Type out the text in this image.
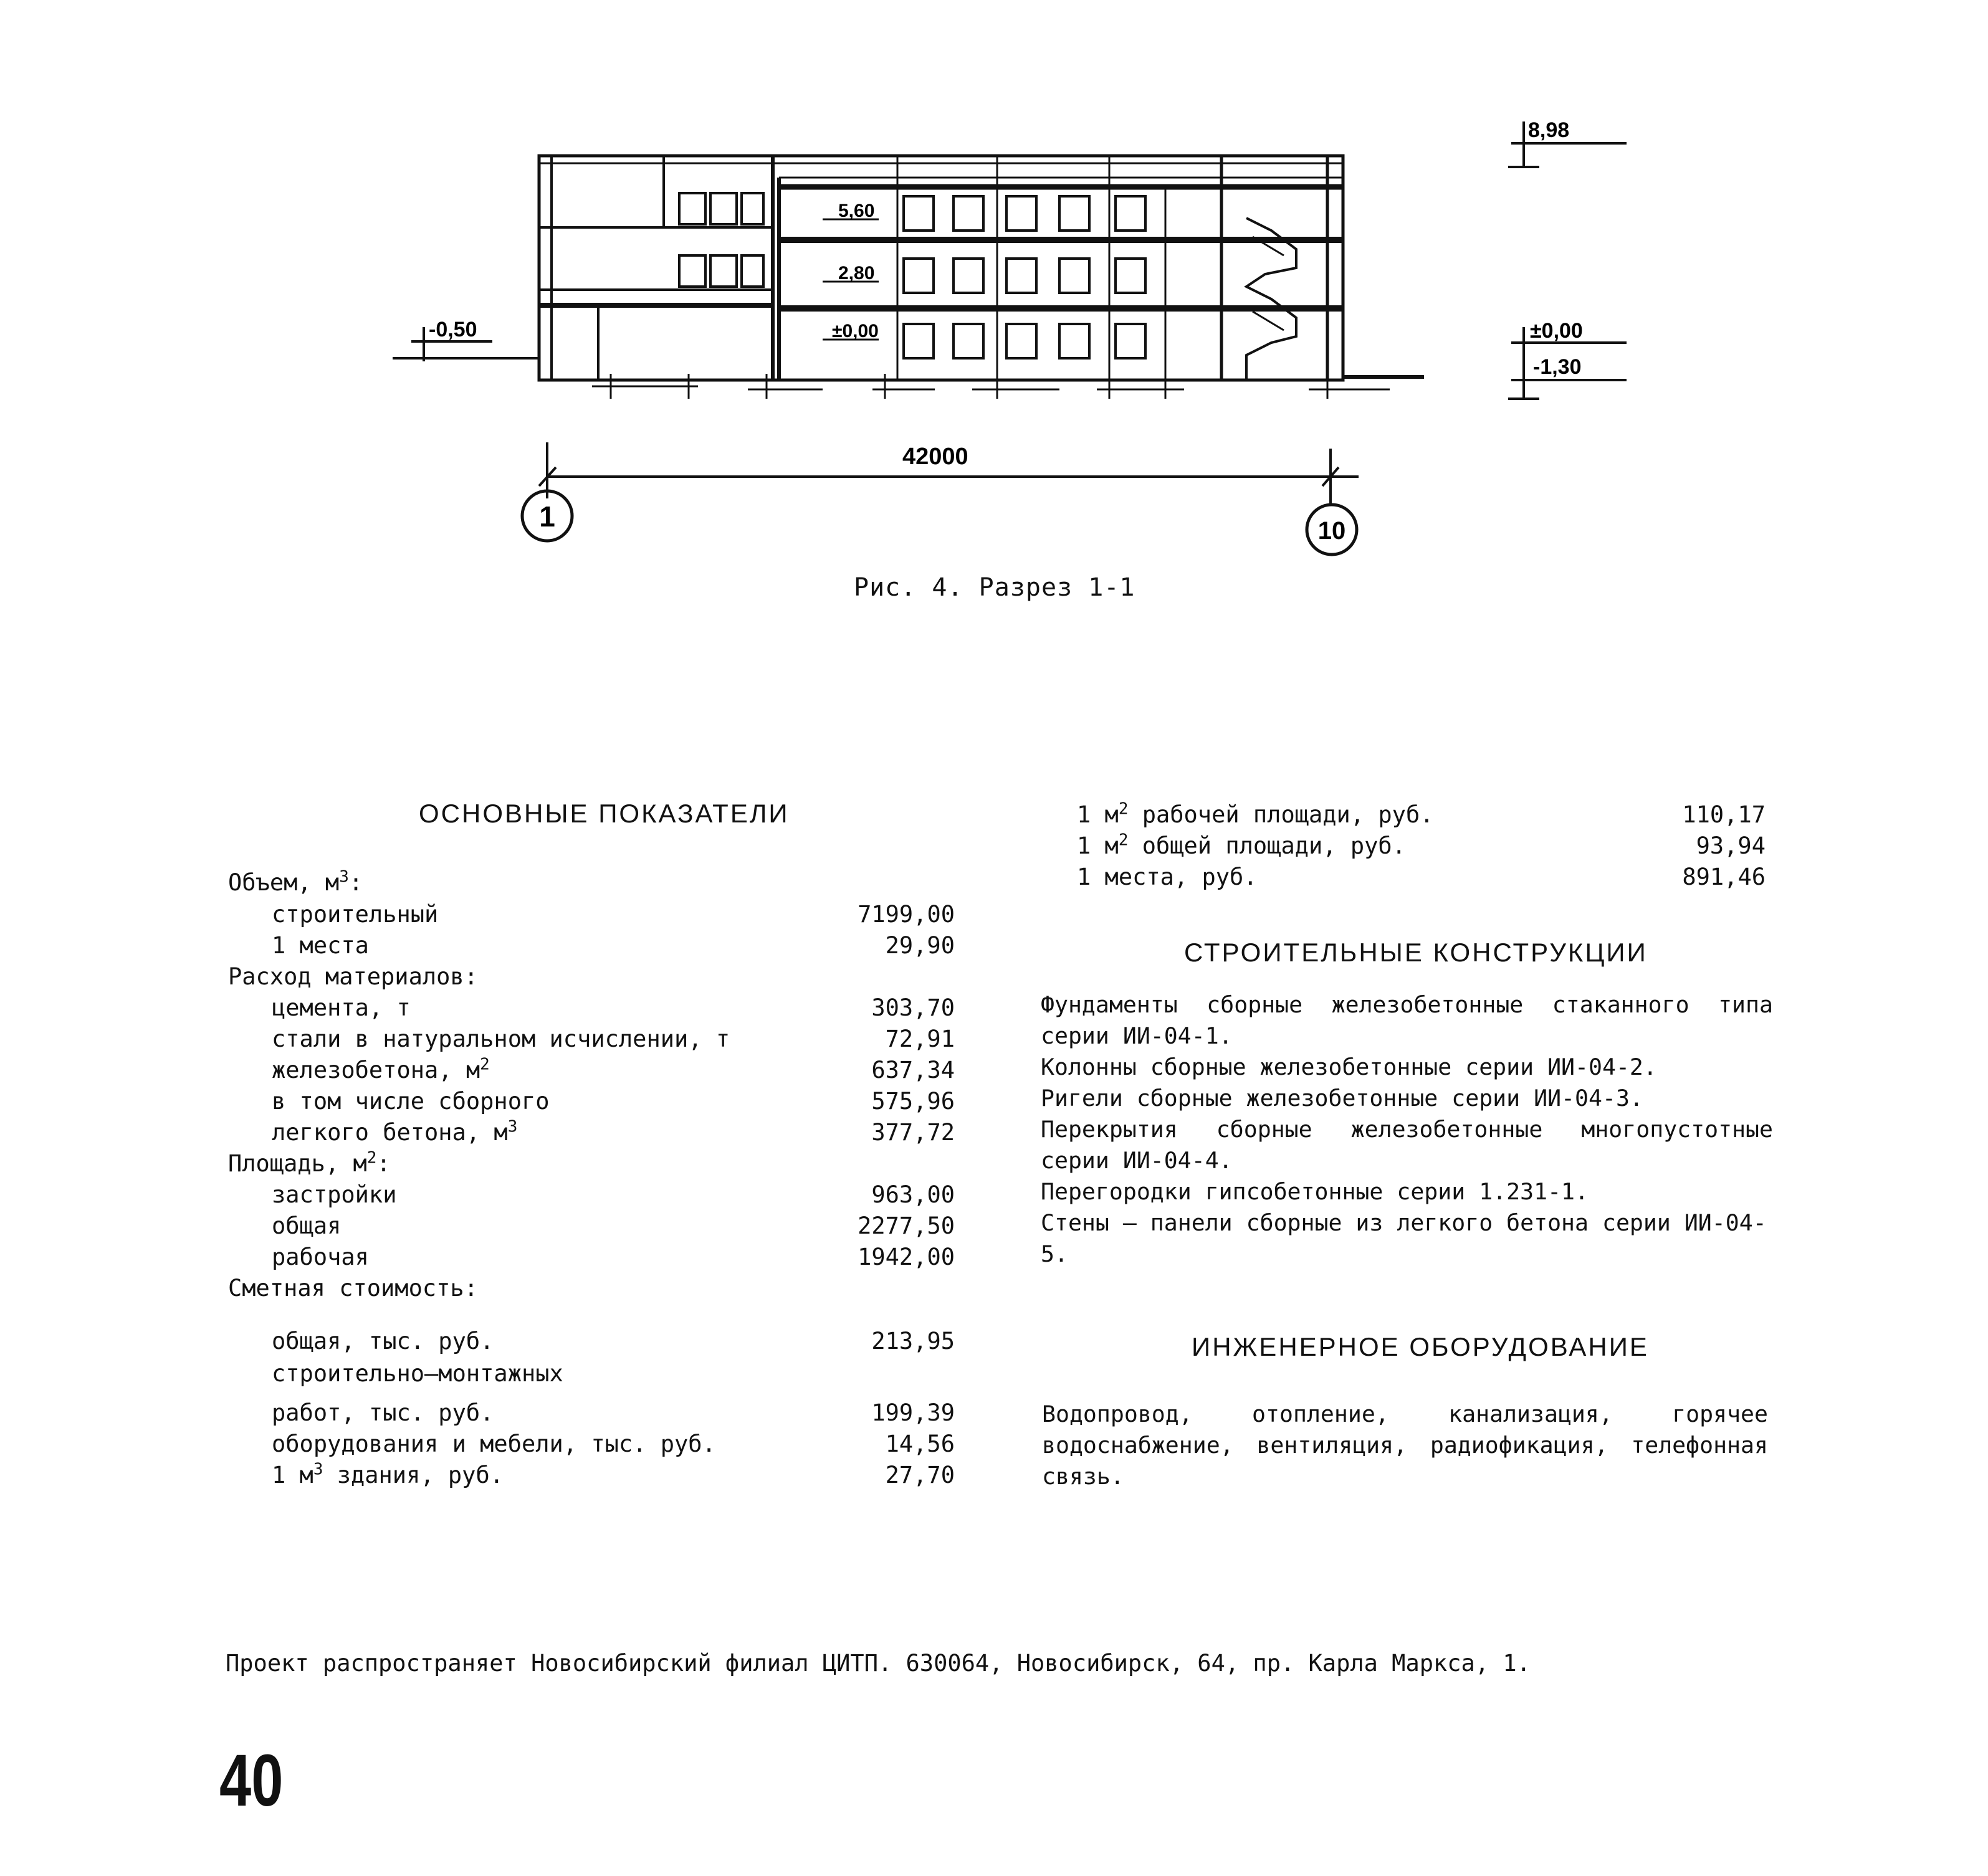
8,98
±0,00
-1,30
-0,50
5,60
2,80
±0,00
42000
1	10
Рис. 4. Разрез 1-1
ОСНОВНЫЕ ПОКАЗАТЕЛИ
Объем, $м^3$:
строительный	7199,00
1 места	29,90
Расход материалов:
цемента, т	303,70
стали в натуральном исчислении, т	72,91
железобетона, $м^2$	637,34
в том числе сборного	575,96
легкого бетона, $м^3$	377,72
Площадь, $м^2$:
застройки	963,00
общая	2277,50
рабочая	1942,00
Сметная стоимость:
общая, тыс. руб.	213,95
строительно–монтажных
работ, тыс. руб.	199,39
оборудования и мебели, тыс. руб.	14,56
1 $м^3$ здания, руб.	27,70
1 $м^2$ рабочей площади, руб.	110,17
1 $м^2$ общей площади, руб.	93,94
1 места, руб.	891,46
СТРОИТЕЛЬНЫЕ КОНСТРУКЦИИ

Фундаменты сборные железобетонные стаканного типа серии ИИ-04-1.

Колонны сборные железобетонные серии ИИ-04-2.

Ригели сборные железобетонные серии ИИ-04-3.

Перекрытия сборные железобетонные многопустотные серии ИИ-04-4.

Перегородки гипсобетонные серии 1.231-1.

Стены – панели сборные из легкого бетона серии ИИ-04-5.

ИНЖЕНЕРНОЕ ОБОРУДОВАНИЕ
Водопровод, отопление, канализация, горячее водоснабжение, вентиляция, радиофикация, телефонная связь.
Проект распространяет Новосибирский филиал ЦИТП. 630064, Новосибирск, 64, пр. Карла Маркса, 1.
40
